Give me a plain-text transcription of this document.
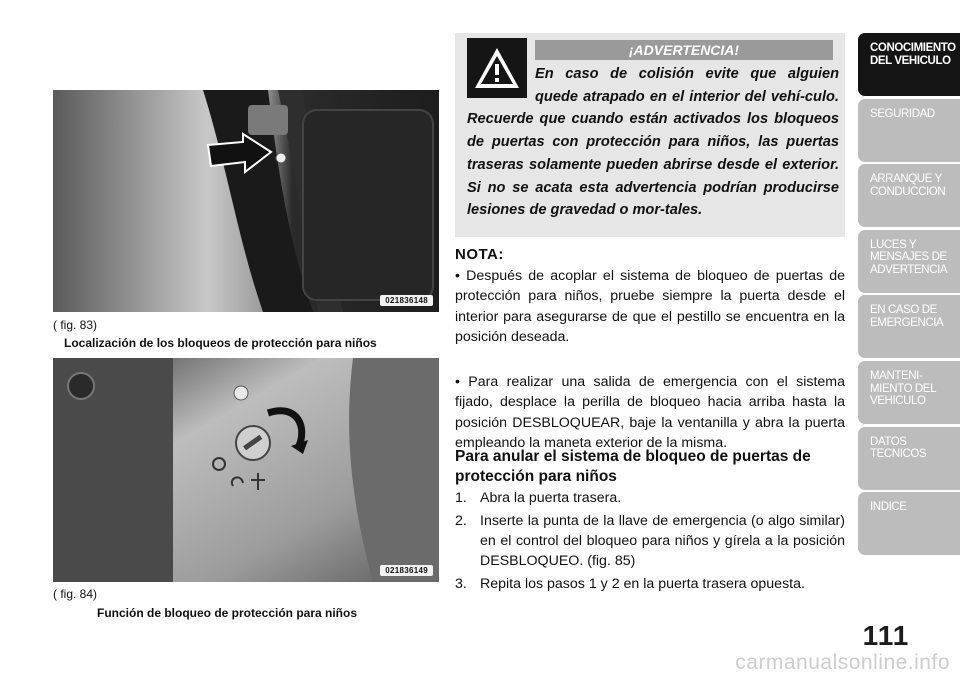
021836148
( fig. 83)
Localización de los bloqueos de protección para niños
021836149
( fig. 84)
Función de bloqueo de protección para niños
¡ADVERTENCIA!
En caso de colisión evite que alguien quede atrapado en el interior del vehí-culo. Recuerde que cuando están activados los bloqueos de puertas con protección para niños, las puertas traseras solamente pueden abrirse desde el exterior. Si no se acata esta advertencia podrían producirse lesiones de gravedad o mor-tales.
NOTA:
• Después de acoplar el sistema de bloqueo de puertas de protección para niños, pruebe siempre la puerta desde el interior para asegurarse de que el pestillo se encuentra en la posición deseada.
• Para realizar una salida de emergencia con el sistema fijado, desplace la perilla de bloqueo hacia arriba hasta la posición DESBLOQUEAR, baje la ventanilla y abra la puerta empleando la maneta exterior de la misma.
Para anular el sistema de bloqueo de puertas de protección para niños
1. Abra la puerta trasera.
2. Inserte la punta de la llave de emergencia (o algo similar) en el control del bloqueo para niños y gírela a la posición DESBLOQUEO. (fig. 85)
3. Repita los pasos 1 y 2 en la puerta trasera opuesta.
CONOCIMIENTO
DEL VEHICULO
SEGURIDAD
ARRANQUE Y
CONDUCCION
LUCES Y
MENSAJES DE
ADVERTENCIA
EN CASO DE
EMERGENCIA
MANTENI-
MIENTO DEL
VEHICULO
DATOS
TECNICOS
INDICE
111
carmanualsonline.info
